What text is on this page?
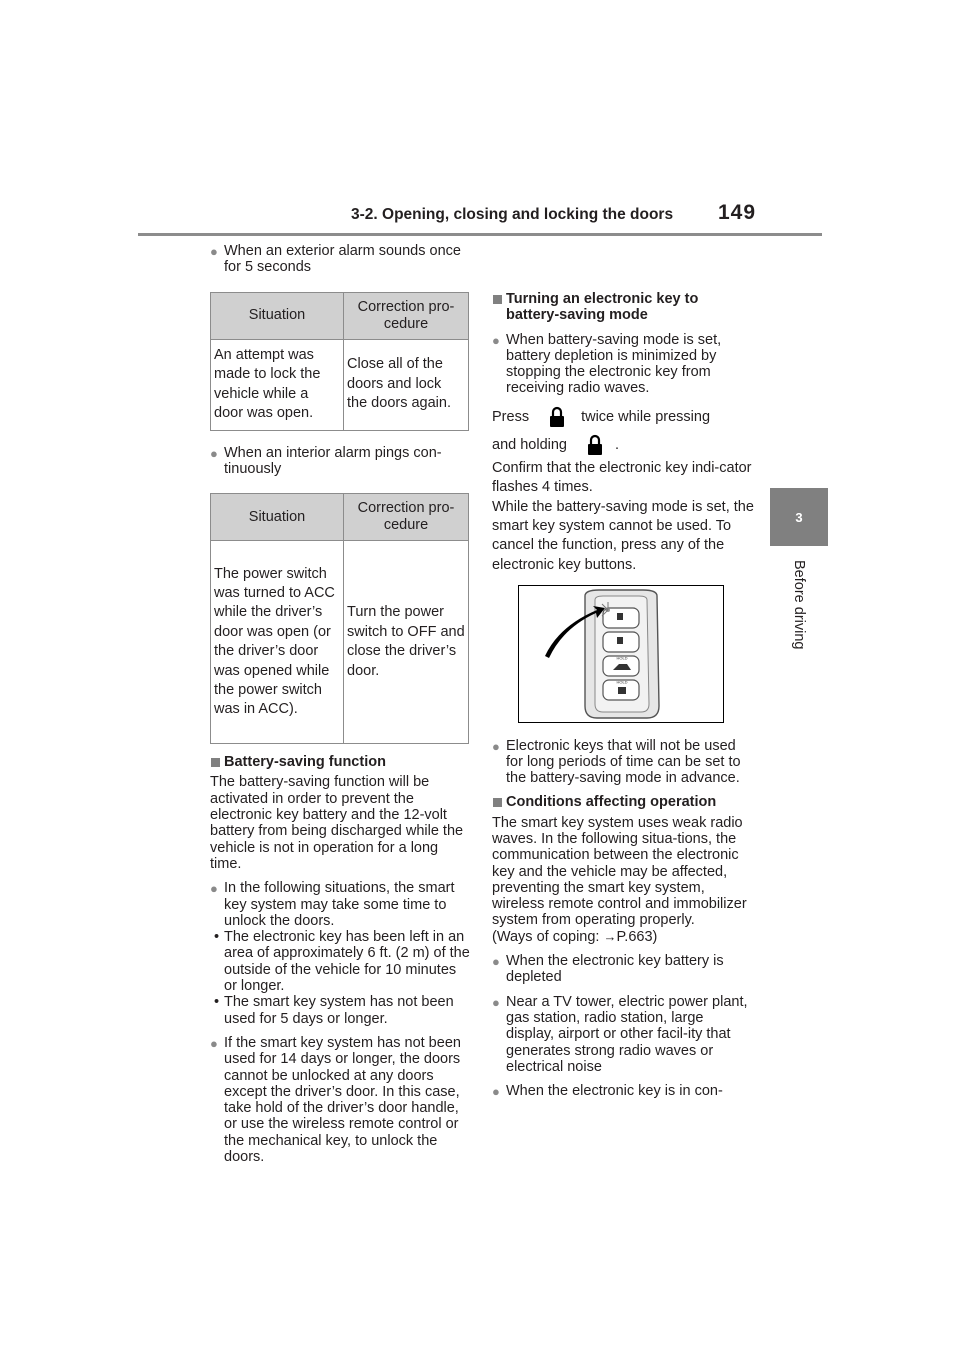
3-2. Opening, closing and locking the doors 149
3
Before driving
● When an exterior alarm sounds once for 5 seconds
Situation	Correction pro-cedure
An attempt was made to lock the vehicle while a door was open.	Close all of the doors and lock the doors again.
● When an interior alarm pings con-tinuously
Situation	Correction pro-cedure
The power switch was turned to ACC while the driver’s door was open (or the driver’s door was opened while the power switch was in ACC).	Turn the power switch to OFF and close the driver’s door.
Battery-saving function

The battery-saving function will be activated in order to prevent the electronic key battery and the 12-volt battery from being discharged while the vehicle is not in operation for a long time.

● In the following situations, the smart key system may take some time to unlock the doors.
• The electronic key has been left in an area of approximately 6 ft. (2 m) of the outside of the vehicle for 10 minutes or longer.
• The smart key system has not been used for 5 days or longer.
● If the smart key system has not been used for 14 days or longer, the doors cannot be unlocked at any doors except the driver’s door. In this case, take hold of the driver’s door handle, or use the wireless remote control or the mechanical key, to unlock the doors.
Turning an electronic key to battery-saving mode
● When battery-saving mode is set, battery depletion is minimized by stopping the electronic key from receiving radio waves.
Press	twice while pressing
and holding	.

Confirm that the electronic key indi-cator flashes 4 times.

While the battery-saving mode is set, the smart key system cannot be used. To cancel the function, press any of the electronic key buttons.

HOLD
HOLD
● Electronic keys that will not be used for long periods of time can be set to the battery-saving mode in advance.
Conditions affecting operation

The smart key system uses weak radio waves. In the following situa-tions, the communication between the electronic key and the vehicle may be affected, preventing the smart key system, wireless remote control and immobilizer system from operating properly.

(Ways of coping: →P.663)

● When the electronic key battery is depleted
● Near a TV tower, electric power plant, gas station, radio station, large display, airport or other facil-ity that generates strong radio waves or electrical noise
● When the electronic key is in con-
